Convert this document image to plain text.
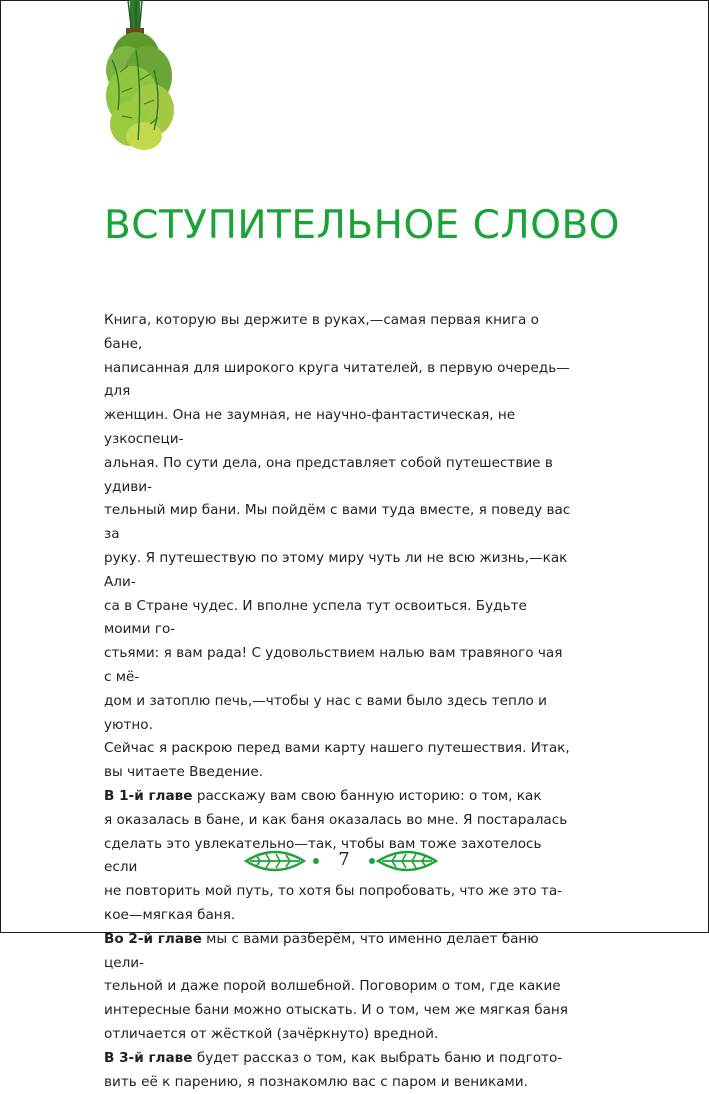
ВСТУПИТЕЛЬНОЕ СЛОВО

Книга, которую вы держите в руках,—самая первая книга о бане,
написанная для широкого круга читателей, в первую очередь—для
женщин. Она не заумная, не научно-фантастическая, не узкоспеци-
альная. По сути дела, она представляет собой путешествие в удиви-
тельный мир бани. Мы пойдём с вами туда вместе, я поведу вас за
руку. Я путешествую по этому миру чуть ли не всю жизнь,—как Али-
са в Стране чудес. И вполне успела тут освоиться. Будьте моими го-
стьями: я вам рада! С удовольствием налью вам травяного чая с мё-
дом и затоплю печь,—чтобы у нас с вами было здесь тепло и уютно.
Сейчас я раскрою перед вами карту нашего путешествия. Итак,
вы читаете Введение.

В 1-й главе расскажу вам свою банную историю: о том, как
я оказалась в бане, и как баня оказалась во мне. Я постаралась
сделать это увлекательно—так, чтобы вам тоже захотелось если
не повторить мой путь, то хотя бы попробовать, что же это та-
кое—мягкая баня.

Во 2-й главе мы с вами разберём, что именно делает баню цели-
тельной и даже порой волшебной. Поговорим о том, где какие
интересные бани можно отыскать. И о том, чем же мягкая баня
отличается от жёсткой (зачёркнуто) вредной.

В 3-й главе будет рассказ о том, как выбрать баню и подгото-
вить её к парению, я познакомлю вас с паром и вениками.

7
